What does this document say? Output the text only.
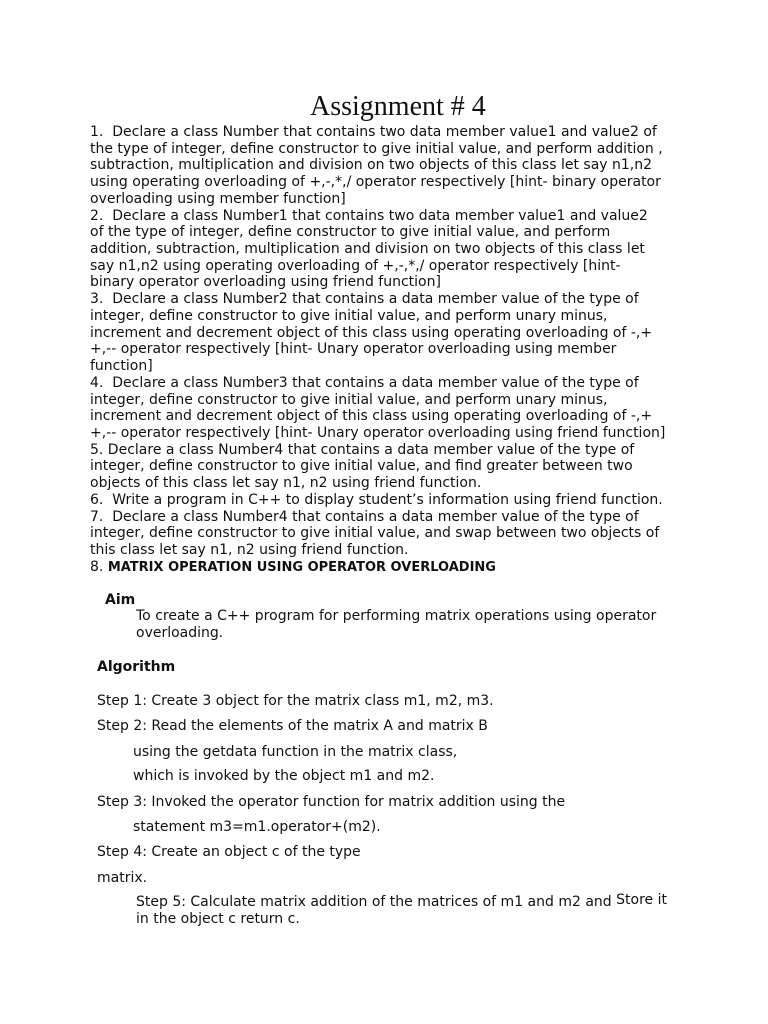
Assignment # 4
1.  Declare a class Number that contains two data member value1 and value2 of
the type of integer, define constructor to give initial value, and perform addition ,
subtraction, multiplication and division on two objects of this class let say n1,n2
using operating overloading of +,-,*,/ operator respectively [hint- binary operator
overloading using member function]
2.  Declare a class Number1 that contains two data member value1 and value2
of the type of integer, define constructor to give initial value, and perform
addition, subtraction, multiplication and division on two objects of this class let
say n1,n2 using operating overloading of +,-,*,/ operator respectively [hint-
binary operator overloading using friend function]
3.  Declare a class Number2 that contains a data member value of the type of
integer, define constructor to give initial value, and perform unary minus,
increment and decrement object of this class using operating overloading of -,+
+,-- operator respectively [hint- Unary operator overloading using member
function]
4.  Declare a class Number3 that contains a data member value of the type of
integer, define constructor to give initial value, and perform unary minus,
increment and decrement object of this class using operating overloading of -,+
+,-- operator respectively [hint- Unary operator overloading using friend function]
5. Declare a class Number4 that contains a data member value of the type of
integer, define constructor to give initial value, and find greater between two
objects of this class let say n1, n2 using friend function.
6.  Write a program in C++ to display student’s information using friend function.
7.  Declare a class Number4 that contains a data member value of the type of
integer, define constructor to give initial value, and swap between two objects of
this class let say n1, n2 using friend function.
8. MATRIX OPERATION USING OPERATOR OVERLOADING
Aim
To create a C++ program for performing matrix operations using operator
overloading.
Algorithm
Step 1: Create 3 object for the matrix class m1, m2, m3.
Step 2: Read the elements of the matrix A and matrix B
using the getdata function in the matrix class,
which is invoked by the object m1 and m2.
Step 3: Invoked the operator function for matrix addition using the
statement m3=m1.operator+(m2).
Step 4: Create an object c of the type
matrix.
Step 5: Calculate matrix addition of the matrices of m1 and m2 and Store it
in the object c return c.
